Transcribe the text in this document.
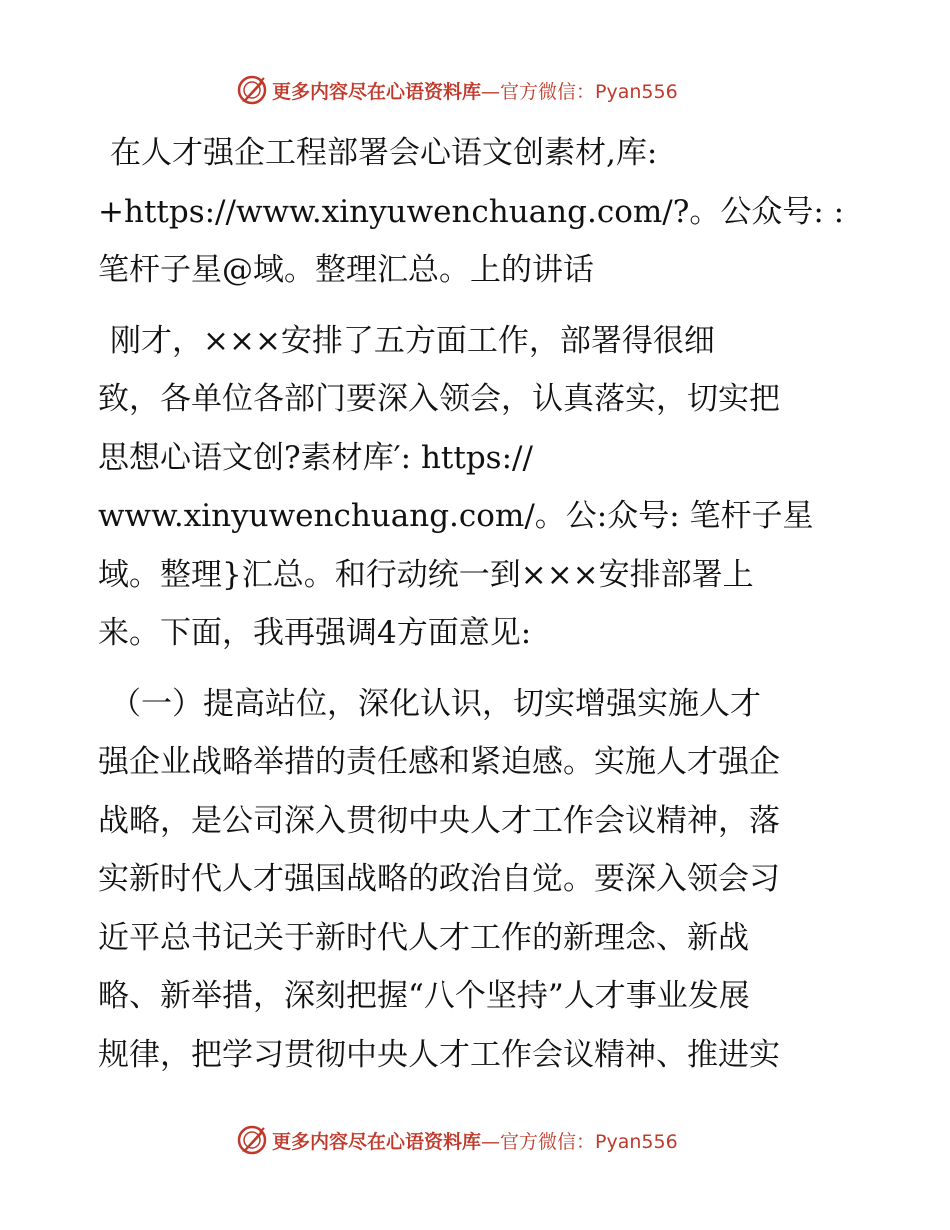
更多内容尽在心语资料库—官方微信：Pyan556

在人才强企工程部署会心语文创素材,库:
+https://www.xinyuwenchuang.com/?。公众号: :
笔杆子星@域。整理汇总。上的讲话

刚才，×××安排了五方面工作，部署得很细
致，各单位各部门要深入领会，认真落实，切实把
思想心语文创?素材库′: https://
www.xinyuwenchuang.com/。公:众号: 笔杆子星
域。整理}汇总。和行动统一到×××安排部署上
来。下面，我再强调4方面意见:

（一）提高站位，深化认识，切实增强实施人才
强企业战略举措的责任感和紧迫感。实施人才强企
战略，是公司深入贯彻中央人才工作会议精神，落
实新时代人才强国战略的政治自觉。要深入领会习
近平总书记关于新时代人才工作的新理念、新战
略、新举措，深刻把握“八个坚持”人才事业发展
规律，把学习贯彻中央人才工作会议精神、推进实

更多内容尽在心语资料库—官方微信：Pyan556
